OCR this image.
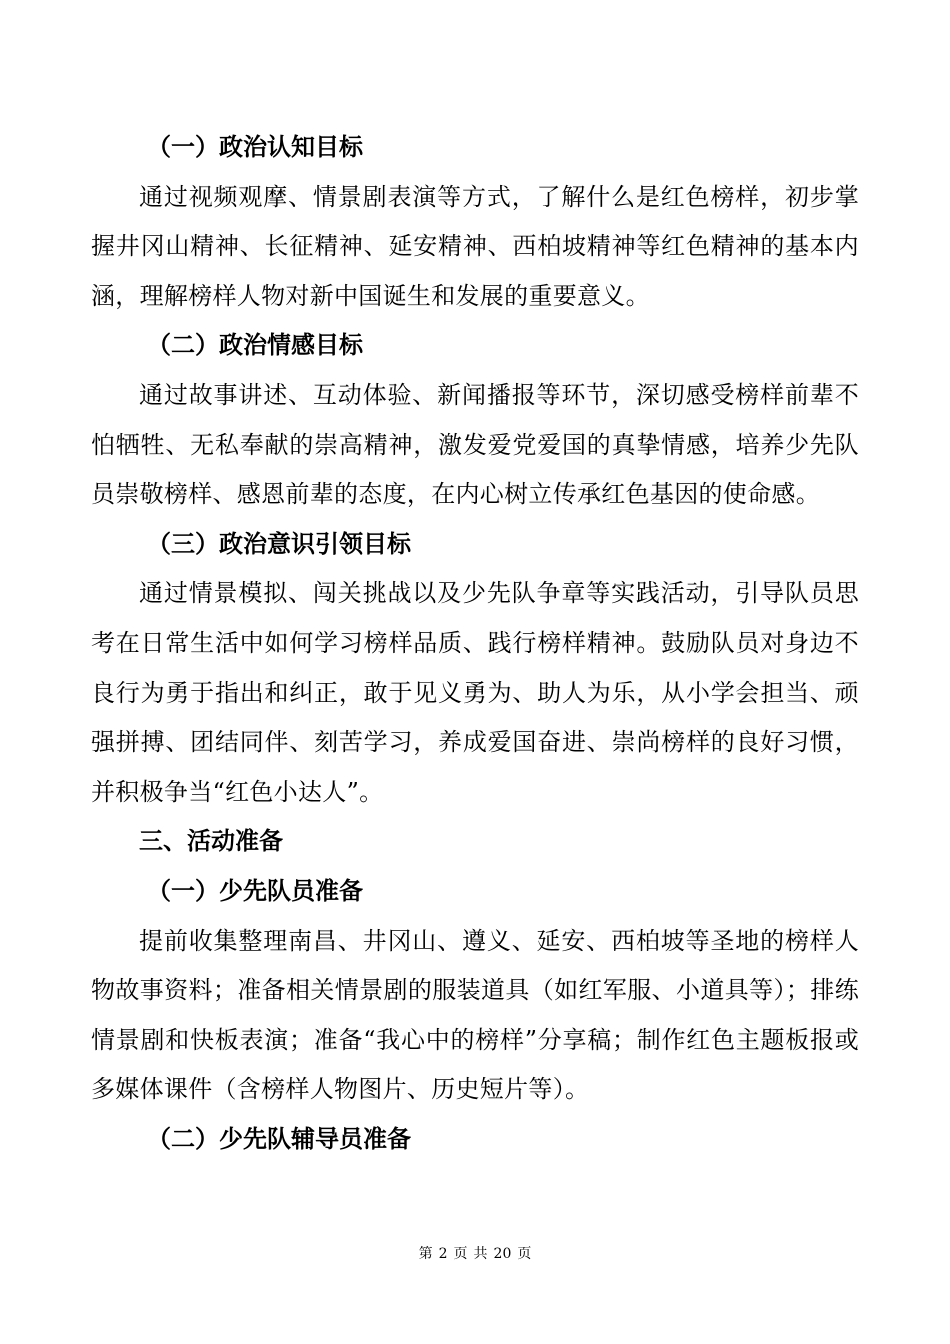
（一）政治认知目标

通过视频观摩、情景剧表演等方式，了解什么是红色榜样，初步掌握井冈山精神、长征精神、延安精神、西柏坡精神等红色精神的基本内涵，理解榜样人物对新中国诞生和发展的重要意义。

（二）政治情感目标

通过故事讲述、互动体验、新闻播报等环节，深切感受榜样前辈不怕牺牲、无私奉献的崇高精神，激发爱党爱国的真挚情感，培养少先队员崇敬榜样、感恩前辈的态度，在内心树立传承红色基因的使命感。

（三）政治意识引领目标

通过情景模拟、闯关挑战以及少先队争章等实践活动，引导队员思考在日常生活中如何学习榜样品质、践行榜样精神。鼓励队员对身边不良行为勇于指出和纠正，敢于见义勇为、助人为乐，从小学会担当、顽强拼搏、团结同伴、刻苦学习，养成爱国奋进、崇尚榜样的良好习惯，并积极争当“红色小达人”。

三、活动准备
（一）少先队员准备

提前收集整理南昌、井冈山、遵义、延安、西柏坡等圣地的榜样人物故事资料；准备相关情景剧的服装道具（如红军服、小道具等）；排练情景剧和快板表演；准备“我心中的榜样”分享稿；制作红色主题板报或多媒体课件（含榜样人物图片、历史短片等）。

（二）少先队辅导员准备
第 2 页 共 20 页
